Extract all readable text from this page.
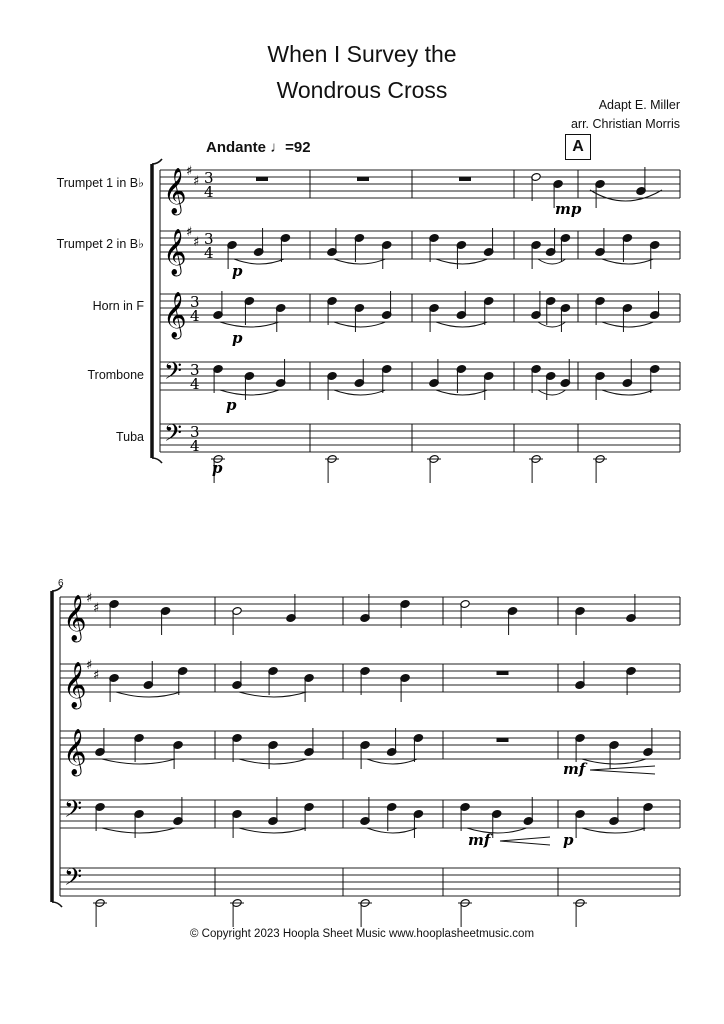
When I Survey the
Wondrous Cross
Adapt E. Miller
arr. Christian Morris
Andante ♩=92	A
Trumpet 1 in B♭
Trumpet 2 in B♭
Horn in F
Trombone
Tuba
6
© Copyright 2023 Hoopla Sheet Music www.hooplasheetmusic.com
𝄞 ♯
♯ 3
4
𝄞 ♯
♯ 3
4
𝄞 3
4
𝄢 3
4
𝄢 3
4
𝄞 ♯
♯
𝄞 ♯
♯
𝄞
𝄢
𝄢
mp
p
p
p
p
mf
mf	p
